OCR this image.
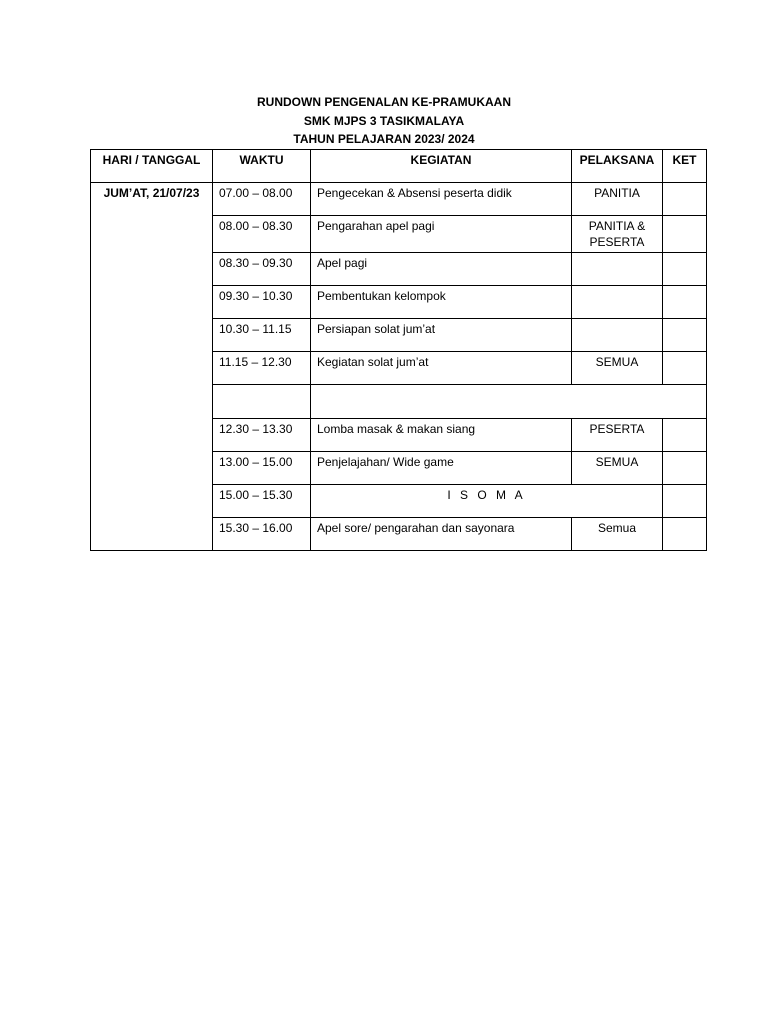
RUNDOWN PENGENALAN KE-PRAMUKAAN
SMK MJPS 3 TASIKMALAYA
TAHUN PELAJARAN 2023/ 2024
HARI / TANGGAL	WAKTU	KEGIATAN	PELAKSANA	KET
JUM’AT, 21/07/23	07.00 – 08.00	Pengecekan & Absensi peserta didik	PANITIA	
	08.00 – 08.30	Pengarahan apel pagi	PANITIA & PESERTA	
	08.30 – 09.30	Apel pagi		
	09.30 – 10.30	Pembentukan kelompok		
	10.30 – 11.15	Persiapan solat jum’at		
	11.15 – 12.30	Kegiatan solat jum’at	SEMUA	

	12.30 – 13.30	Lomba masak & makan siang	PESERTA	
	13.00 – 15.00	Penjelajahan/ Wide game	SEMUA	
	15.00 – 15.30	I S O M A		
	15.30 – 16.00	Apel sore/ pengarahan dan sayonara	Semua	
